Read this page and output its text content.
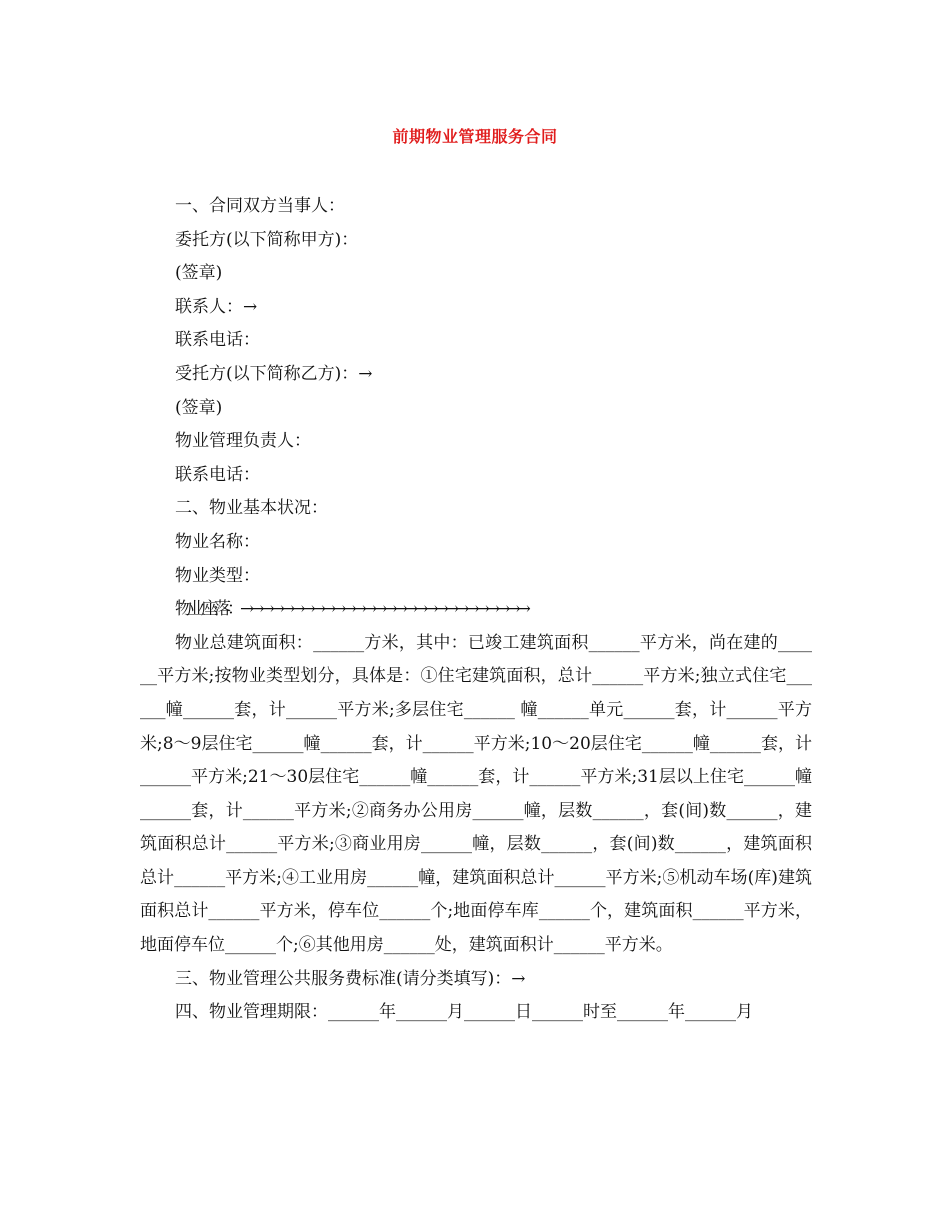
前期物业管理服务合同
一、合同双方当事人：
委托方(以下简称甲方)：
(签章)
联系人：→
联系电话：
受托方(以下简称乙方)：→
(签章)
物业管理负责人：
联系电话：
二、物业基本状况：
物业名称：
物业类型：
物业座落：→→→→→→→→→→→→→→→→→→→→→→→→→→→→
物业总建筑面积：______方米，其中：已竣工建筑面积______平方米，尚在建的______平方米;按物业类型划分，具体是：①住宅建筑面积，总计______平方米;独立式住宅______幢______套，计______平方米;多层住宅______ 幢______单元______套，计______平方米;8～9层住宅______幢______套，计______平方米;10～20层住宅______幢______套，计______平方米;21～30层住宅______幢______套，计______平方米;31层以上住宅______幢______套，计______平方米;②商务办公用房______幢，层数______，套(间)数______，建筑面积总计______平方米;③商业用房______幢，层数______，套(间)数______，建筑面积总计______平方米;④工业用房______幢，建筑面积总计______平方米;⑤机动车场(库)建筑面积总计______平方米，停车位______个;地面停车库______个，建筑面积______平方米，地面停车位______个;⑥其他用房______处，建筑面积计______平方米。
三、物业管理公共服务费标准(请分类填写)：→
四、物业管理期限：______年______月______日______时至______年______月
